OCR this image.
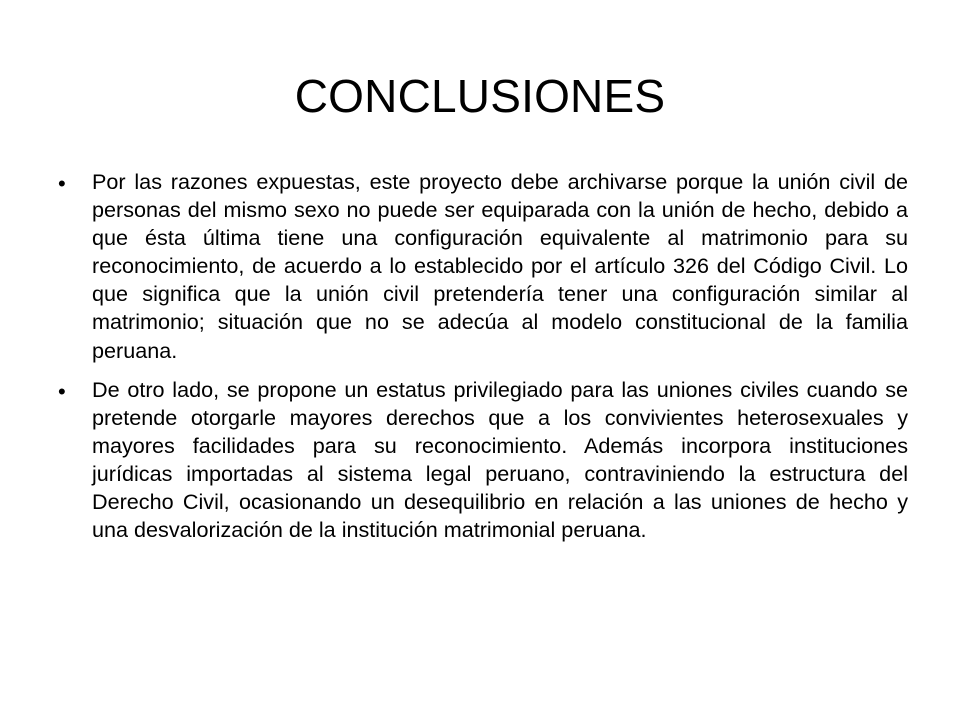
CONCLUSIONES
• Por las razones expuestas, este proyecto debe archivarse porque la unión civil de personas del mismo sexo no puede ser equiparada con la unión de hecho, debido a que ésta última tiene una configuración equivalente al matrimonio para su reconocimiento, de acuerdo a lo establecido por el artículo 326 del Código Civil. Lo que significa que la unión civil pretendería tener una configuración similar al matrimonio; situación que no se adecúa al modelo constitucional de la familia peruana.
• De otro lado, se propone un estatus privilegiado para las uniones civiles cuando se pretende otorgarle mayores derechos que a los convivientes heterosexuales y mayores facilidades para su reconocimiento. Además incorpora instituciones jurídicas importadas al sistema legal peruano, contraviniendo la estructura del Derecho Civil, ocasionando un desequilibrio en relación a las uniones de hecho y una desvalorización de la institución matrimonial peruana.
